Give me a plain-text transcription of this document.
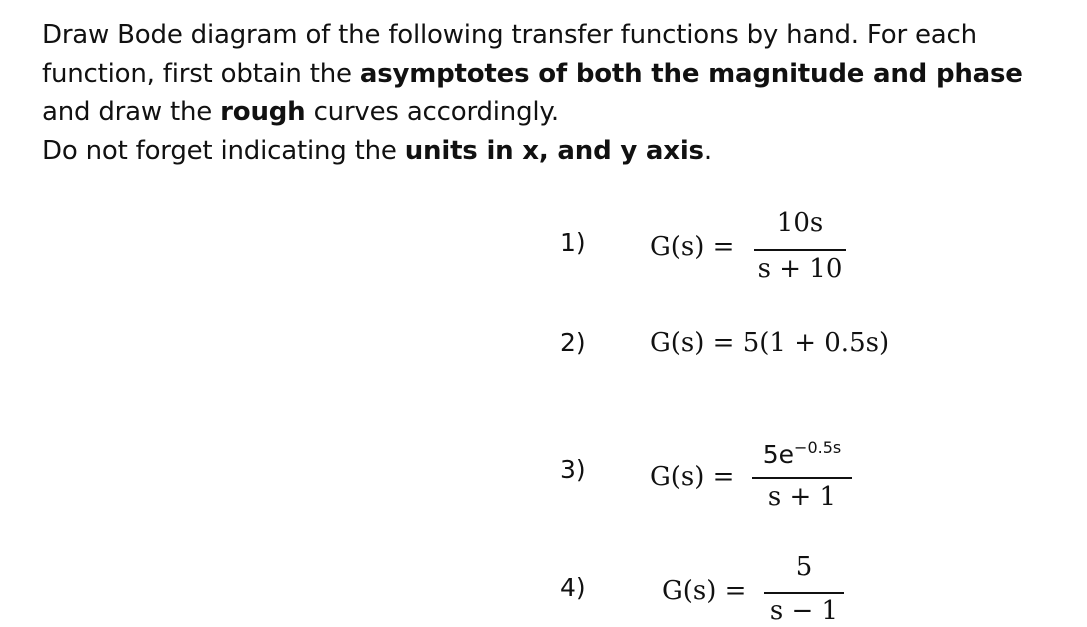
Draw Bode diagram of the following transfer functions by hand. For each

function, first obtain the asymptotes of both the magnitude and phase

and draw the rough curves accordingly.

Do not forget indicating the units in x, and y axis.

1) G(s) =
10s
s + 10
2) G(s) = 5(1 + 0.5s)
3) G(s) =
$5e^{-0.5s}$
s + 1
4)	G(s) =
5
s − 1
